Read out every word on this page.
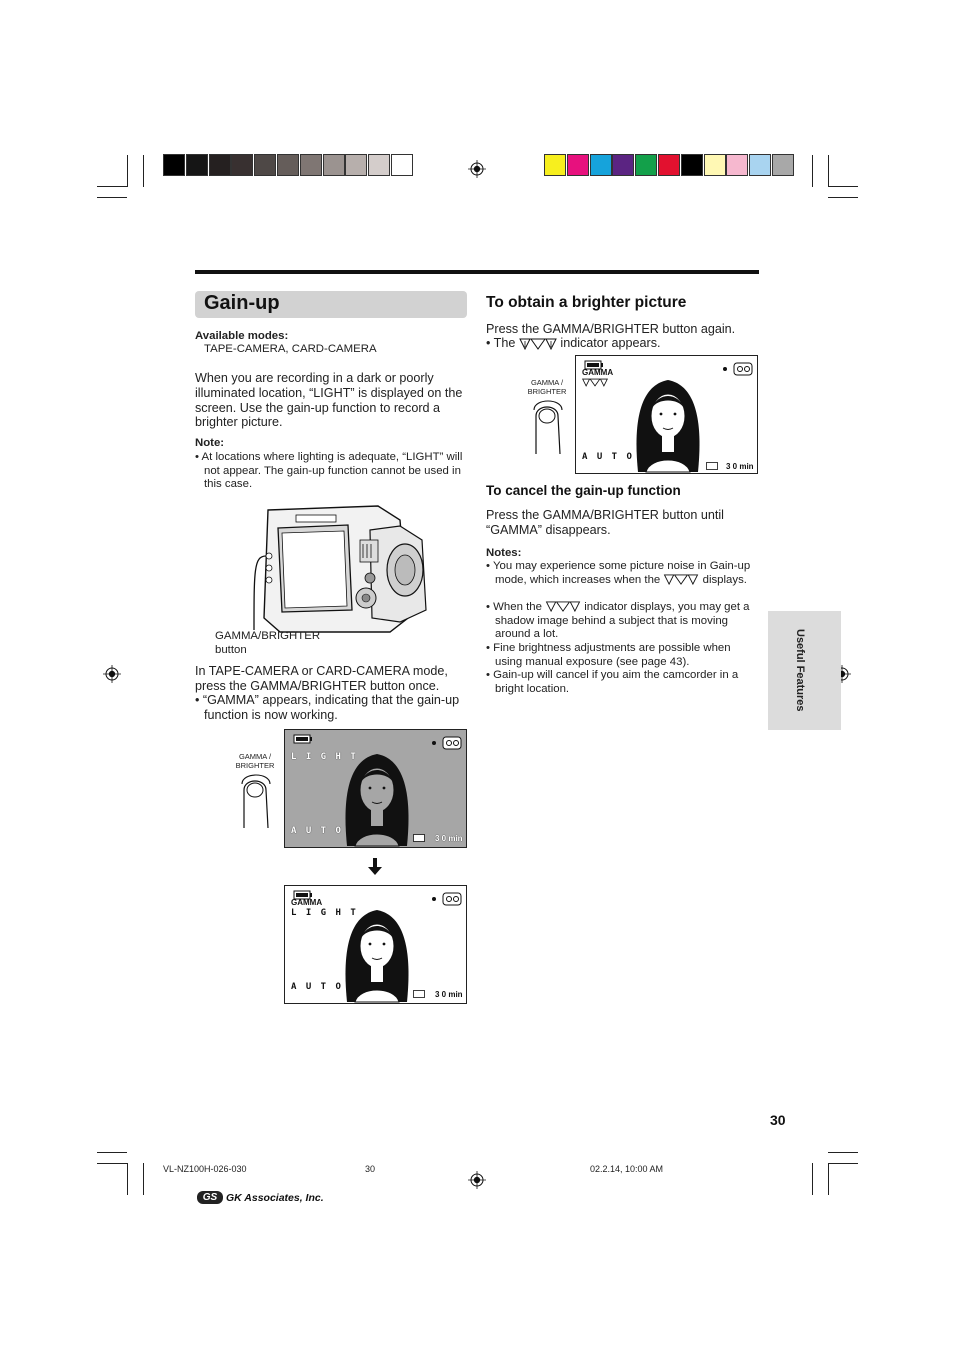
Gain-up
Available modes:
TAPE-CAMERA, CARD-CAMERA
When you are recording in a dark or poorly illuminated location, “LIGHT” is displayed on the screen. Use the gain-up function to record a brighter picture.
Note:
• At locations where lighting is adequate, “LIGHT” will not appear. The gain-up function cannot be used in this case.
GAMMA/BRIGHTER button
In TAPE-CAMERA or CARD-CAMERA mode, press the GAMMA/BRIGHTER button once.
• “GAMMA” appears, indicating that the gain-up function is now working.
GAMMA /
BRIGHTER
L I G H T
A U T O
3 0 min
GAMMA
L I G H T
A U T O
3 0 min
To obtain a brighter picture
Press the GAMMA/BRIGHTER button again.
• The	indicator appears.
GAMMA /
BRIGHTER
GAMMA
A U T O
3 0 min
To cancel the gain-up function
Press the GAMMA/BRIGHTER button until “GAMMA” disappears.
Notes:
• You may experience some picture noise in Gain-up mode, which increases when the	displays.
• When the	indicator displays, you may get a shadow image behind a subject that is moving around a lot.
• Fine brightness adjustments are possible when using manual exposure (see page 43).
• Gain-up will cancel if you aim the camcorder in a bright location.	Useful Features
30
VL-NZ100H-026-030	30	02.2.14, 10:00 AM
GS GK Associates, Inc.
